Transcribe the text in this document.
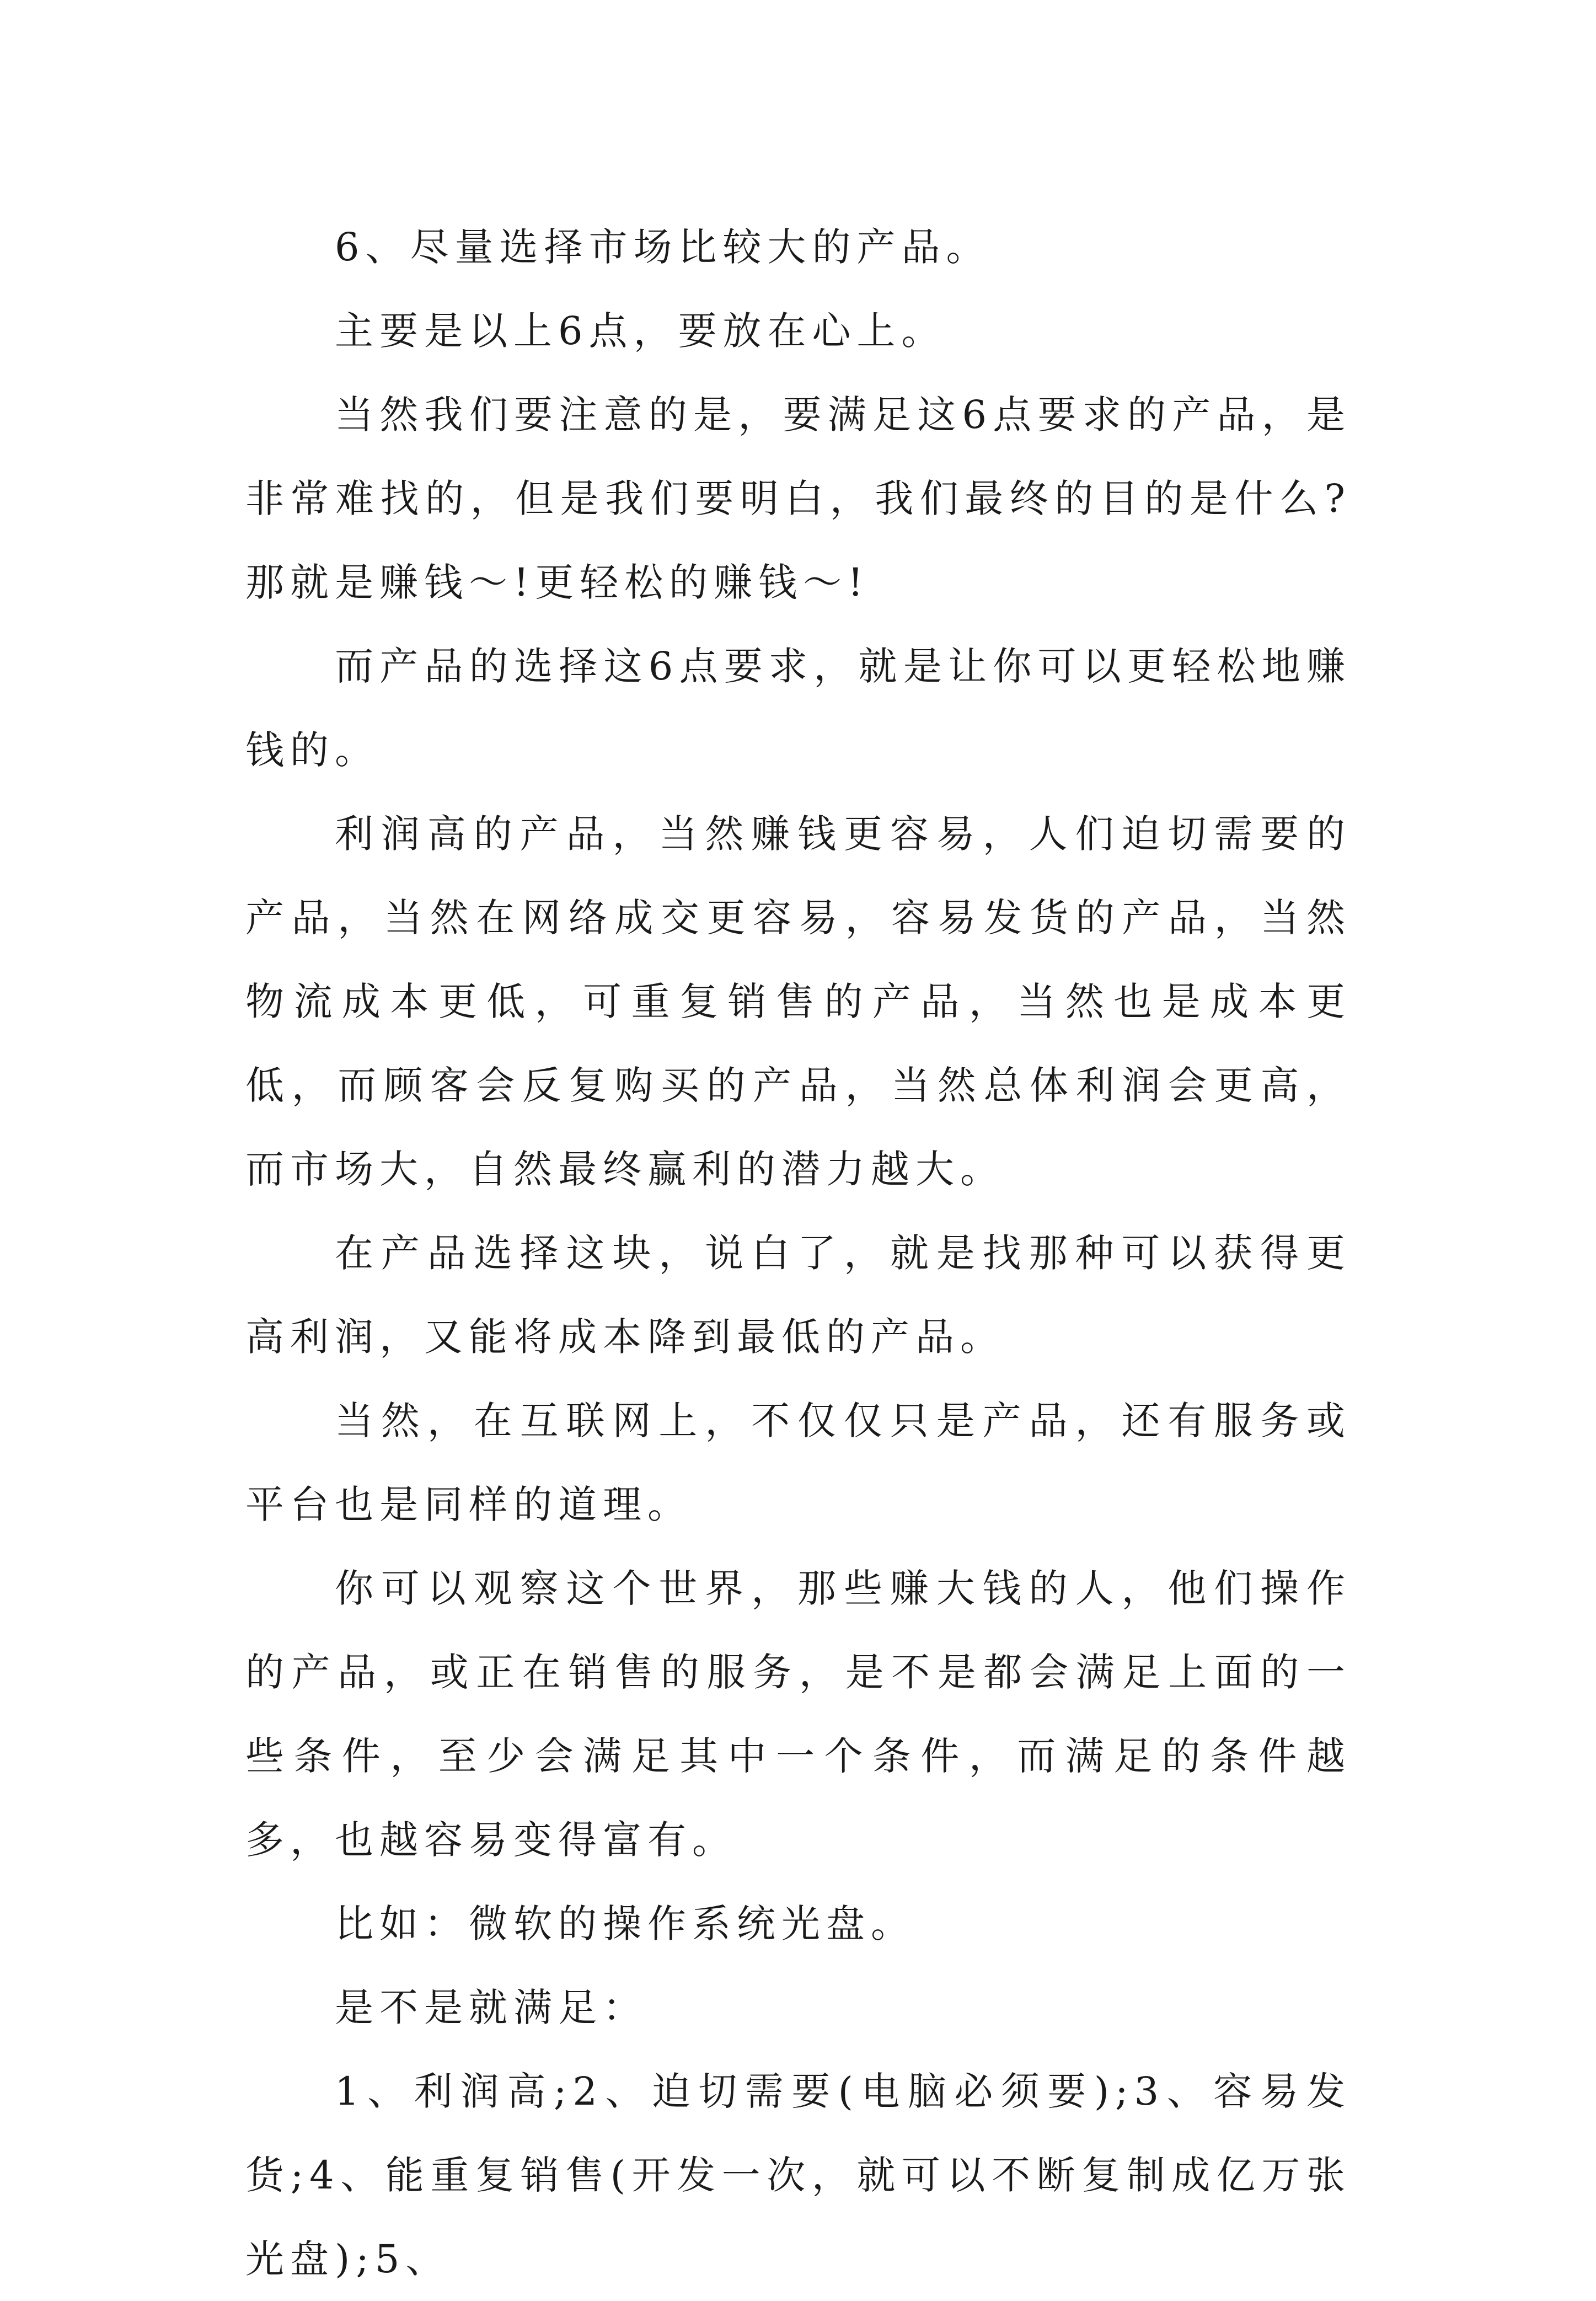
6、尽量选择市场比较大的产品。

主要是以上6点，要放在心上。

当然我们要注意的是，要满足这6点要求的产品，是非常难找的，但是我们要明白，我们最终的目的是什么?那就是赚钱～!更轻松的赚钱～!

而产品的选择这6点要求，就是让你可以更轻松地赚钱的。

利润高的产品，当然赚钱更容易，人们迫切需要的产品，当然在网络成交更容易，容易发货的产品，当然物流成本更低，可重复销售的产品，当然也是成本更低，而顾客会反复购买的产品，当然总体利润会更高，而市场大，自然最终赢利的潜力越大。

在产品选择这块，说白了，就是找那种可以获得更高利润，又能将成本降到最低的产品。

当然，在互联网上，不仅仅只是产品，还有服务或平台也是同样的道理。

你可以观察这个世界，那些赚大钱的人，他们操作的产品，或正在销售的服务，是不是都会满足上面的一些条件，至少会满足其中一个条件，而满足的条件越多，也越容易变得富有。

比如：微软的操作系统光盘。

是不是就满足：

1、利润高;2、迫切需要(电脑必须要);3、容易发货;4、能重复销售(开发一次，就可以不断复制成亿万张光盘);5、
